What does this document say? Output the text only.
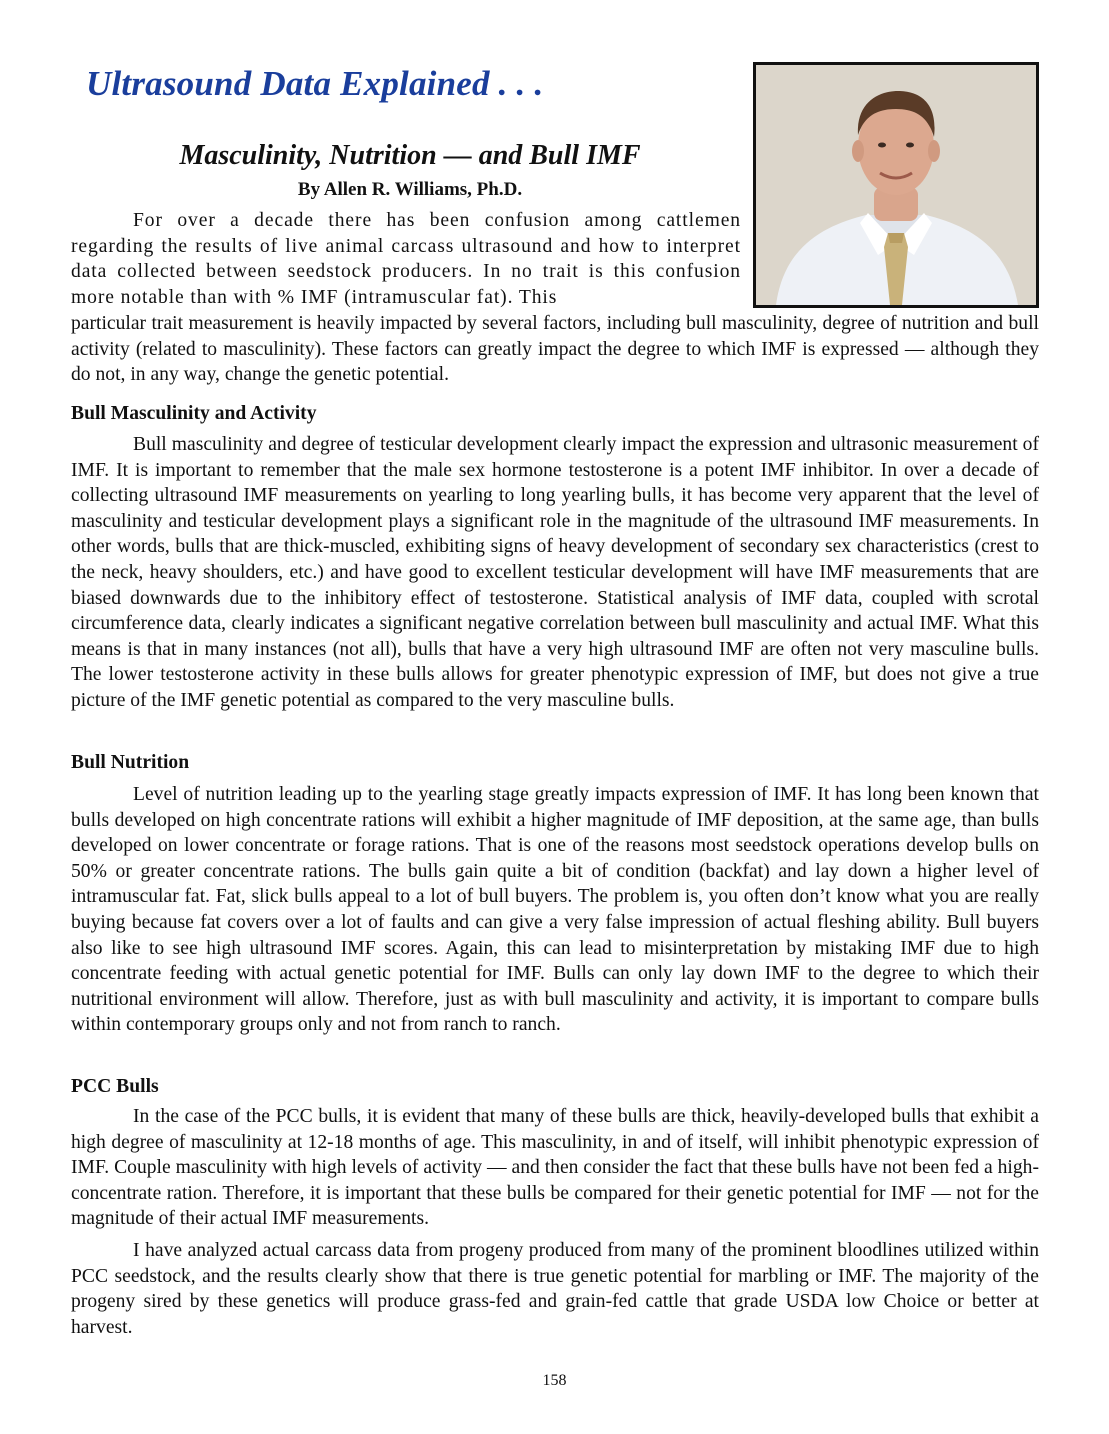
Ultrasound Data Explained . . .
Masculinity, Nutrition — and Bull IMF

By Allen R. Williams, Ph.D.

For over a decade there has been confusion among cattlemen regarding the results of live animal carcass ultrasound and how to interpret data collected between seedstock producers. In no trait is this confusion more notable than with % IMF (intramuscular fat). This

particular trait measurement is heavily impacted by several factors, including bull masculinity, degree of nutrition and bull activity (related to masculinity). These factors can greatly impact the degree to which IMF is expressed — although they do not, in any way, change the genetic potential.

Bull Masculinity and Activity

Bull masculinity and degree of testicular development clearly impact the expression and ultrasonic measurement of IMF. It is important to remember that the male sex hormone testosterone is a potent IMF inhibitor. In over a decade of collecting ultrasound IMF measurements on yearling to long yearling bulls, it has become very apparent that the level of masculinity and testicular development plays a significant role in the magnitude of the ultrasound IMF measurements. In other words, bulls that are thick-muscled, exhibiting signs of heavy development of secondary sex characteristics (crest to the neck, heavy shoulders, etc.) and have good to excellent testicular development will have IMF measurements that are biased downwards due to the inhibitory effect of testosterone. Statistical analysis of IMF data, coupled with scrotal circumference data, clearly indicates a significant negative correlation between bull masculinity and actual IMF. What this means is that in many instances (not all), bulls that have a very high ultrasound IMF are often not very masculine bulls. The lower testosterone activity in these bulls allows for greater phenotypic expression of IMF, but does not give a true picture of the IMF genetic potential as compared to the very masculine bulls.

Bull Nutrition

Level of nutrition leading up to the yearling stage greatly impacts expression of IMF. It has long been known that bulls developed on high concentrate rations will exhibit a higher magnitude of IMF deposition, at the same age, than bulls developed on lower concentrate or forage rations. That is one of the reasons most seedstock operations develop bulls on 50% or greater concentrate rations. The bulls gain quite a bit of condition (backfat) and lay down a higher level of intramuscular fat. Fat, slick bulls appeal to a lot of bull buyers. The problem is, you often don’t know what you are really buying because fat covers over a lot of faults and can give a very false impression of actual fleshing ability. Bull buyers also like to see high ultrasound IMF scores. Again, this can lead to misinterpretation by mistaking IMF due to high concentrate feeding with actual genetic potential for IMF. Bulls can only lay down IMF to the degree to which their nutritional environment will allow. Therefore, just as with bull masculinity and activity, it is important to compare bulls within contemporary groups only and not from ranch to ranch.

PCC Bulls

In the case of the PCC bulls, it is evident that many of these bulls are thick, heavily-developed bulls that exhibit a high degree of masculinity at 12-18 months of age. This masculinity, in and of itself, will inhibit phenotypic expression of IMF. Couple masculinity with high levels of activity — and then consider the fact that these bulls have not been fed a high-concentrate ration. Therefore, it is important that these bulls be compared for their genetic potential for IMF — not for the magnitude of their actual IMF measurements.

I have analyzed actual carcass data from progeny produced from many of the prominent bloodlines utilized within PCC seedstock, and the results clearly show that there is true genetic potential for marbling or IMF. The majority of the progeny sired by these genetics will produce grass-fed and grain-fed cattle that grade USDA low Choice or better at harvest.

158
